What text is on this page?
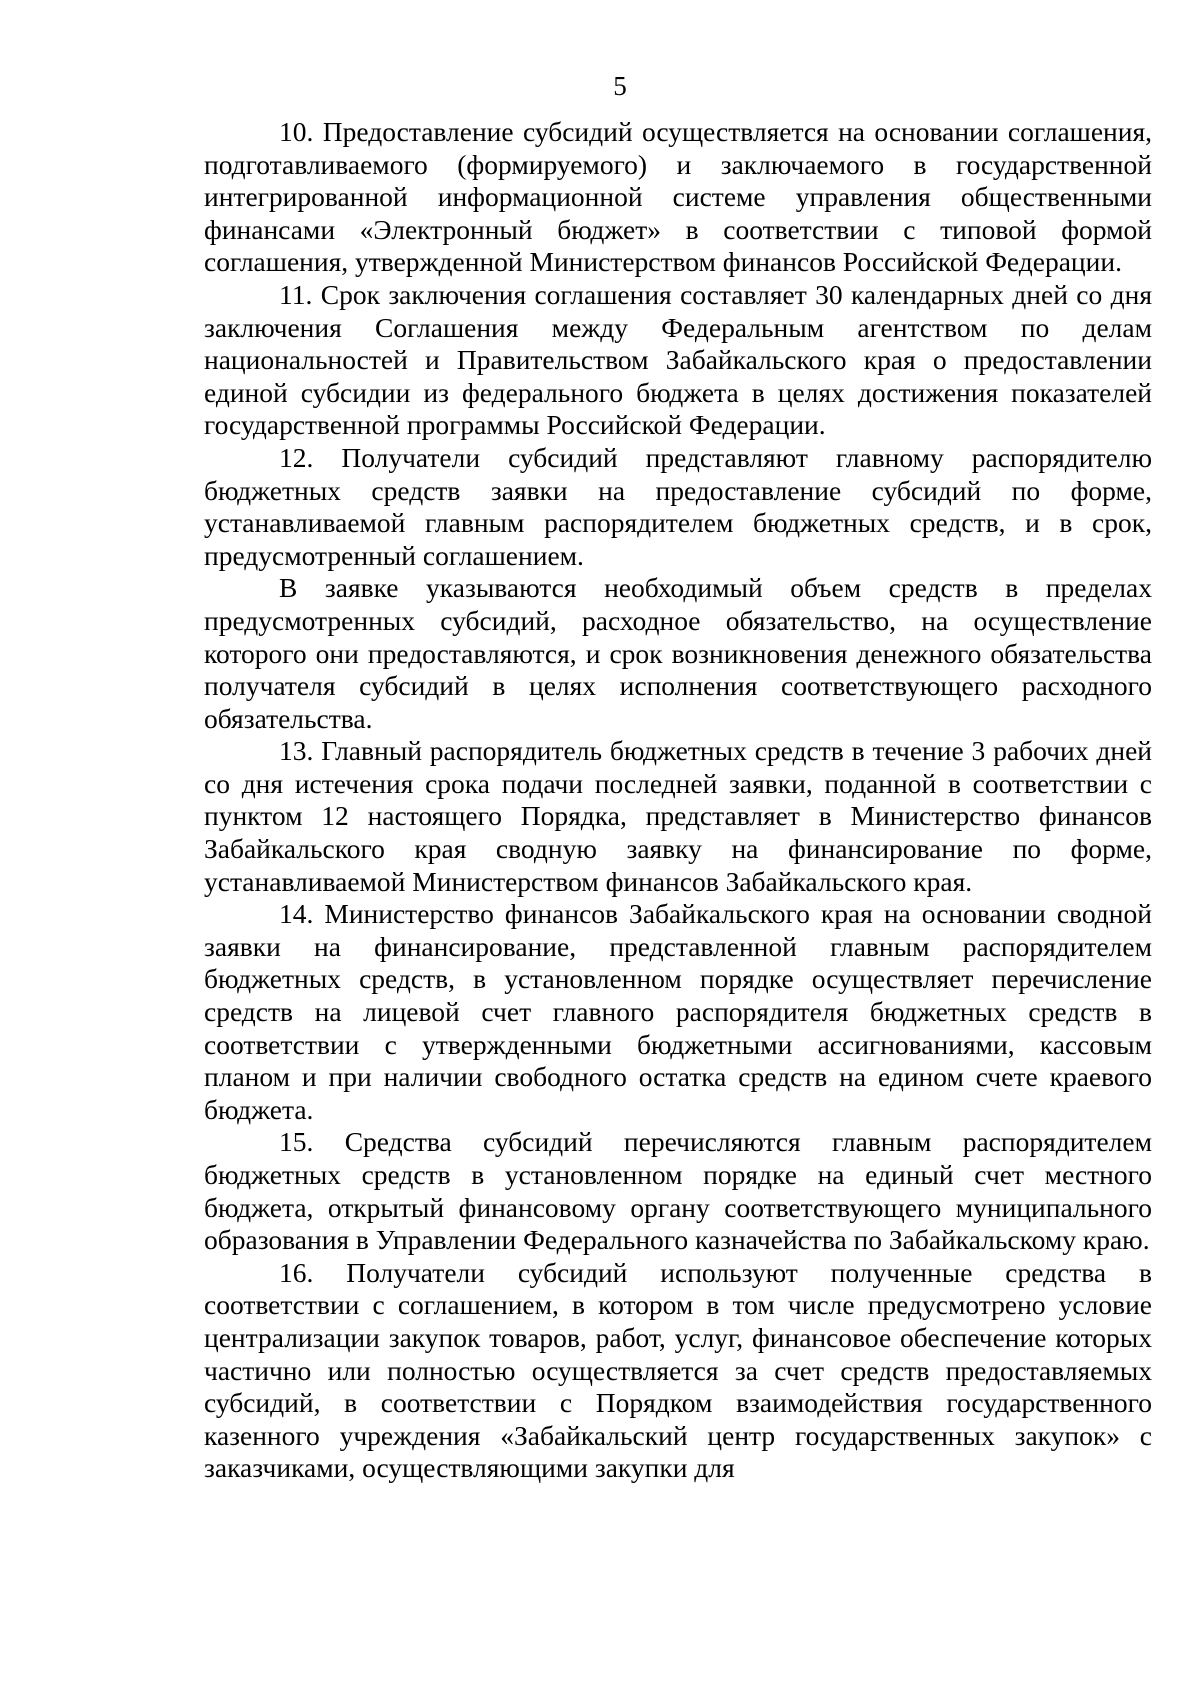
5

10. Предоставление субсидий осуществляется на основании соглашения, подготавливаемого (формируемого) и заключаемого в государственной интегрированной информационной системе управления общественными финансами «Электронный бюджет» в соответствии с типовой формой соглашения, утвержденной Министерством финансов Российской Федерации.

11. Срок заключения соглашения составляет 30 календарных дней со дня заключения Соглашения между Федеральным агентством по делам национальностей и Правительством Забайкальского края о предоставлении единой субсидии из федерального бюджета в целях достижения показателей государственной программы Российской Федерации.

12. Получатели субсидий представляют главному распорядителю бюджетных средств заявки на предоставление субсидий по форме, устанавливаемой главным распорядителем бюджетных средств, и в срок, предусмотренный соглашением.

В заявке указываются необходимый объем средств в пределах предусмотренных субсидий, расходное обязательство, на осуществление которого они предоставляются, и срок возникновения денежного обязательства получателя субсидий в целях исполнения соответствующего расходного обязательства.

13. Главный распорядитель бюджетных средств в течение 3 рабочих дней со дня истечения срока подачи последней заявки, поданной в соответствии с пунктом 12 настоящего Порядка, представляет в Министерство финансов Забайкальского края сводную заявку на финансирование по форме, устанавливаемой Министерством финансов Забайкальского края.

14. Министерство финансов Забайкальского края на основании сводной заявки на финансирование, представленной главным распорядителем бюджетных средств, в установленном порядке осуществляет перечисление средств на лицевой счет главного распорядителя бюджетных средств в соответствии с утвержденными бюджетными ассигнованиями, кассовым планом и при наличии свободного остатка средств на едином счете краевого бюджета.

15. Средства субсидий перечисляются главным распорядителем бюджетных средств в установленном порядке на единый счет местного бюджета, открытый финансовому органу соответствующего муниципального образования в Управлении Федерального казначейства по Забайкальскому краю.

16. Получатели субсидий используют полученные средства в соответствии с соглашением, в котором в том числе предусмотрено условие централизации закупок товаров, работ, услуг, финансовое обеспечение которых частично или полностью осуществляется за счет средств предоставляемых субсидий, в соответствии с Порядком взаимодействия государственного казенного учреждения «Забайкальский центр государственных закупок» с заказчиками, осуществляющими закупки для
